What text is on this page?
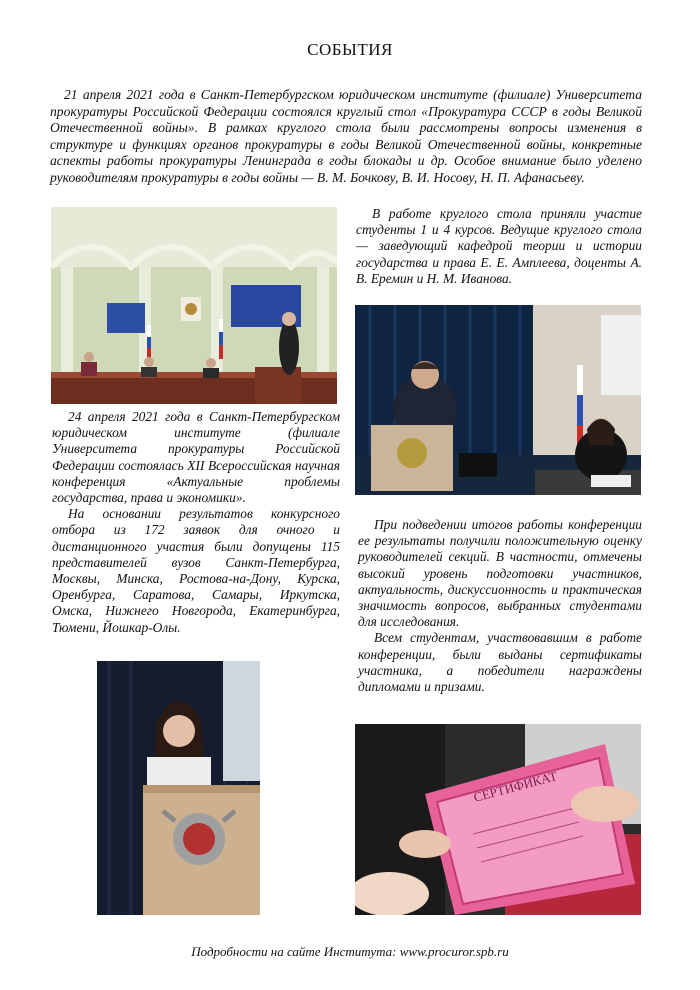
СОБЫТИЯ

21 апреля 2021 года в Санкт-Петербургском юридическом институте (филиале) Университета прокуратуры Российской Федерации состоялся круглый стол «Прокуратура СССР в годы Великой Отечественной войны». В рамках круглого стола были рассмотрены вопросы изменения в структуре и функциях органов прокуратуры в годы Великой Отечественной войны, конкретные аспекты работы прокуратуры Ленинграда в годы блокады и др. Особое внимание было уделено руководителям прокуратуры в годы войны — В. М. Бочкову, В. И. Носову, Н. П. Афанасьеву.

В работе круглого стола приняли участие студенты 1 и 4 курсов. Ведущие круглого стола — заведующий кафедрой теории и истории государства и права Е. Е. Амплеева, доценты А. В. Еремин и Н. М. Иванова.

24 апреля 2021 года в Санкт-Петербургском юридическом институте (филиале Университета прокуратуры Российской Федерации состоялась XII Всероссийская научная конференция «Актуальные проблемы государства, права и экономики».

На основании результатов конкурсного отбора из 172 заявок для очного и дистанционного участия были допущены 115 представителей вузов Санкт-Петербурга, Москвы, Минска, Ростова-на-Дону, Курска, Оренбурга, Саратова, Самары, Иркутска, Омска, Нижнего Новгорода, Екатеринбурга, Тюмени, Йошкар-Олы.

При подведении итогов работы конференции ее результаты получили положительную оценку руководителей секций. В частности, отмечены высокий уровень подготовки участников, актуальность, дискуссионность и практическая значимость вопросов, выбранных студентами для исследования.

Всем студентам, участвовавшим в работе конференции, были выданы сертификаты участника, а победители награждены дипломами и призами.

СЕРТИФИКАТ
Подробности на сайте Института: www.procuror.spb.ru
